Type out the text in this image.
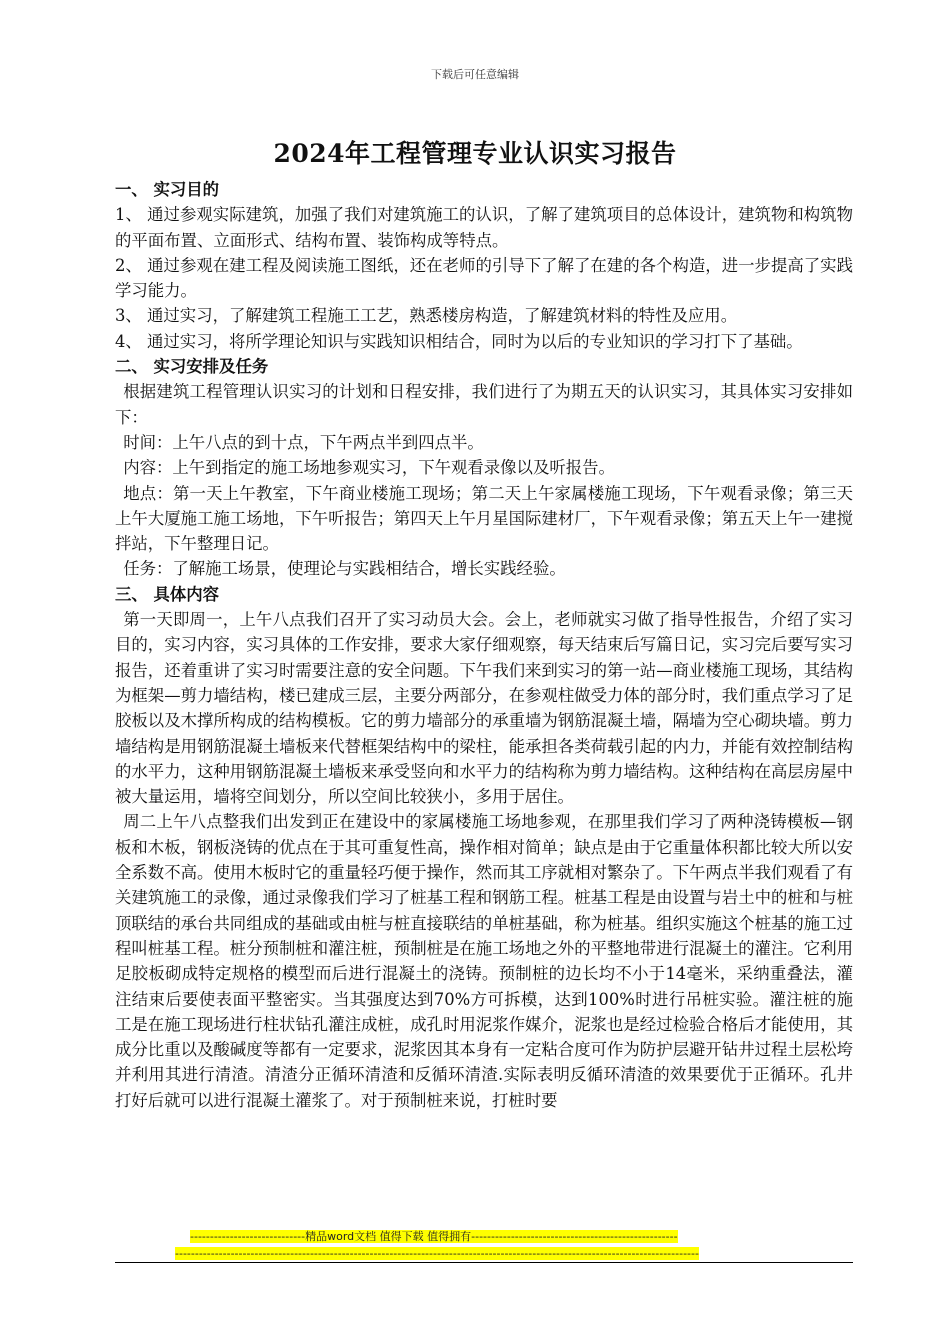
下载后可任意编辑
2024年工程管理专业认识实习报告

一、 实习目的

1、 通过参观实际建筑，加强了我们对建筑施工的认识，了解了建筑项目的总体设计，建筑物和构筑物的平面布置、立面形式、结构布置、装饰构成等特点。

2、 通过参观在建工程及阅读施工图纸，还在老师的引导下了解了在建的各个构造，进一步提高了实践学习能力。

3、 通过实习，了解建筑工程施工工艺，熟悉楼房构造，了解建筑材料的特性及应用。

4、 通过实习，将所学理论知识与实践知识相结合，同时为以后的专业知识的学习打下了基础。

二、 实习安排及任务

根据建筑工程管理认识实习的计划和日程安排，我们进行了为期五天的认识实习，其具体实习安排如下：

时间：上午八点的到十点，下午两点半到四点半。

内容：上午到指定的施工场地参观实习，下午观看录像以及听报告。

地点：第一天上午教室，下午商业楼施工现场；第二天上午家属楼施工现场，下午观看录像；第三天上午大厦施工施工场地，下午听报告；第四天上午月星国际建材厂，下午观看录像；第五天上午一建搅拌站，下午整理日记。

任务：了解施工场景，使理论与实践相结合，增长实践经验。

三、 具体内容

第一天即周一，上午八点我们召开了实习动员大会。会上，老师就实习做了指导性报告，介绍了实习目的，实习内容，实习具体的工作安排，要求大家仔细观察，每天结束后写篇日记，实习完后要写实习报告，还着重讲了实习时需要注意的安全问题。下午我们来到实习的第一站—商业楼施工现场，其结构为框架—剪力墙结构，楼已建成三层，主要分两部分，在参观柱做受力体的部分时，我们重点学习了足胶板以及木撑所构成的结构模板。它的剪力墙部分的承重墙为钢筋混凝土墙，隔墙为空心砌块墙。剪力墙结构是用钢筋混凝土墙板来代替框架结构中的梁柱，能承担各类荷载引起的内力，并能有效控制结构的水平力，这种用钢筋混凝土墙板来承受竖向和水平力的结构称为剪力墙结构。这种结构在高层房屋中被大量运用，墙将空间划分，所以空间比较狭小，多用于居住。

周二上午八点整我们出发到正在建设中的家属楼施工场地参观，在那里我们学习了两种浇铸模板—钢板和木板，钢板浇铸的优点在于其可重复性高，操作相对简单；缺点是由于它重量体积都比较大所以安全系数不高。使用木板时它的重量轻巧便于操作，然而其工序就相对繁杂了。下午两点半我们观看了有关建筑施工的录像，通过录像我们学习了桩基工程和钢筋工程。桩基工程是由设置与岩土中的桩和与桩顶联结的承台共同组成的基础或由桩与桩直接联结的单桩基础，称为桩基。组织实施这个桩基的施工过程叫桩基工程。桩分预制桩和灌注桩，预制桩是在施工场地之外的平整地带进行混凝土的灌注。它利用足胶板砌成特定规格的模型而后进行混凝土的浇铸。预制桩的边长均不小于14毫米，采纳重叠法，灌注结束后要使表面平整密实。当其强度达到70%方可拆模，达到100%时进行吊桩实验。灌注桩的施工是在施工现场进行柱状钻孔灌注成桩，成孔时用泥浆作媒介，泥浆也是经过检验合格后才能使用，其成分比重以及酸碱度等都有一定要求，泥浆因其本身有一定粘合度可作为防护层避开钻井过程土层松垮并利用其进行清渣。清渣分正循环清渣和反循环清渣.实际表明反循环清渣的效果要优于正循环。孔井打好后就可以进行混凝土灌浆了。对于预制桩来说，打桩时要

-----------------------------精品word文档 值得下载 值得拥有----------------------------------------------------
------------------------------------------------------------------------------------------------------------------------------------
